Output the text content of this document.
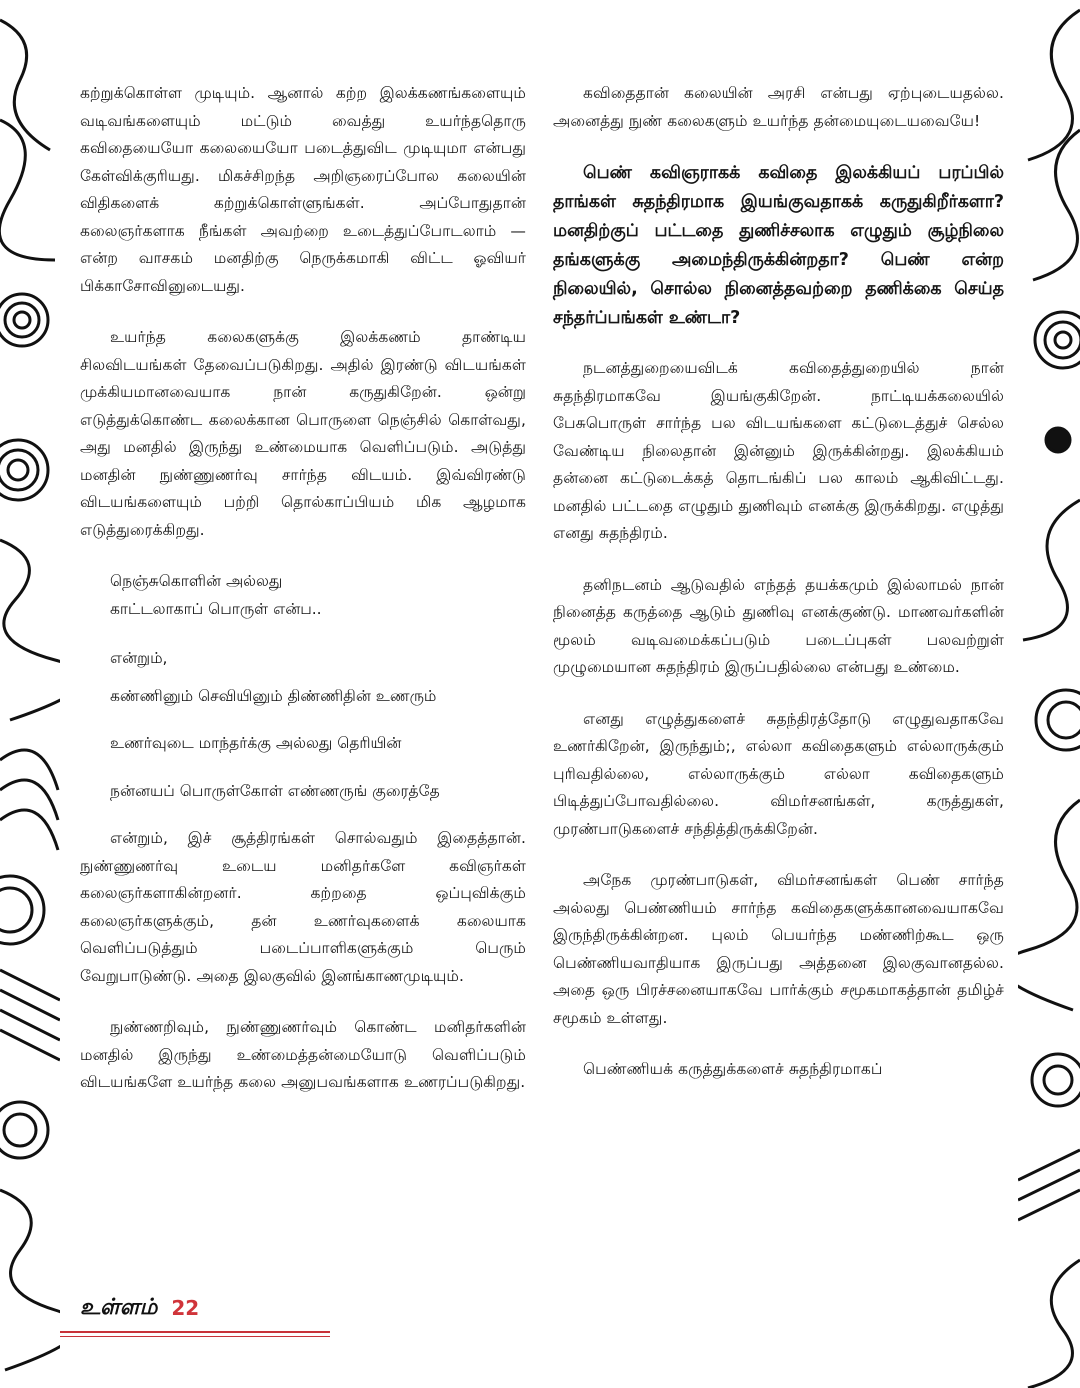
கற்றுக்கொள்ள முடியும். ஆனால் கற்ற இலக்கணங்களையும் வடிவங்களையும் மட்டும் வைத்து உயர்ந்ததொரு கவிதையையோ கலையையோ படைத்துவிட முடியுமா என்பது கேள்விக்குரியது. மிகச்சிறந்த அறிஞரைப்போல கலையின் விதிகளைக் கற்றுக்கொள்ளுங்கள். அப்போதுதான் கலைஞர்களாக நீங்கள் அவற்றை உடைத்துப்போடலாம் — என்ற வாசகம் மனதிற்கு நெருக்கமாகி விட்ட ஓவியர் பிக்காசோவினுடையது.

உயர்ந்த கலைகளுக்கு இலக்கணம் தாண்டிய சிலவிடயங்கள் தேவைப்படுகிறது. அதில் இரண்டு விடயங்கள் முக்கியமானவையாக நான் கருதுகிறேன். ஒன்று எடுத்துக்கொண்ட கலைக்கான பொருளை நெஞ்சில் கொள்வது, அது மனதில் இருந்து உண்மையாக வெளிப்படும். அடுத்து மனதின் நுண்ணுணர்வு சார்ந்த விடயம். இவ்விரண்டு விடயங்களையும் பற்றி தொல்காப்பியம் மிக ஆழமாக எடுத்துரைக்கிறது.

நெஞ்சுகொளின் அல்லது
காட்டலாகாப் பொருள் என்ப..
என்றும்,

கண்ணினும் செவியினும் திண்ணிதின் உணரும்

உணர்வுடை மாந்தர்க்கு அல்லது தெரியின்

நன்னயப் பொருள்கோள் எண்ணருங் குரைத்தே

என்றும், இச் சூத்திரங்கள் சொல்வதும் இதைத்தான். நுண்ணுணர்வு உடைய மனிதர்களே கவிஞர்கள் கலைஞர்களாகின்றனர். கற்றதை ஒப்புவிக்கும் கலைஞர்களுக்கும், தன் உணர்வுகளைக் கலையாக வெளிப்படுத்தும் படைப்பாளிகளுக்கும் பெரும் வேறுபாடுண்டு. அதை இலகுவில் இனங்காணமுடியும்.

நுண்ணறிவும், நுண்ணுணர்வும் கொண்ட மனிதர்களின் மனதில் இருந்து உண்மைத்தன்மையோடு வெளிப்படும் விடயங்களே உயர்ந்த கலை அனுபவங்களாக உணரப்படுகிறது.

கவிதைதான் கலையின் அரசி என்பது ஏற்புடையதல்ல. அனைத்து நுண் கலைகளும் உயர்ந்த தன்மையுடையவையே!

பெண் கவிஞராகக் கவிதை இலக்கியப் பரப்பில் தாங்கள் சுதந்திரமாக இயங்குவதாகக் கருதுகிறீர்களா? மனதிற்குப் பட்டதை துணிச்சலாக எழுதும் சூழ்நிலை தங்களுக்கு அமைந்திருக்கின்றதா? பெண் என்ற நிலையில், சொல்ல நினைத்தவற்றை தணிக்கை செய்த சந்தர்ப்பங்கள் உண்டா?

நடனத்துறையைவிடக் கவிதைத்துறையில் நான் சுதந்திரமாகவே இயங்குகிறேன். நாட்டியக்கலையில் பேசுபொருள் சார்ந்த பல விடயங்களை கட்டுடைத்துச் செல்ல வேண்டிய நிலைதான் இன்னும் இருக்கின்றது. இலக்கியம் தன்னை கட்டுடைக்கத் தொடங்கிப் பல காலம் ஆகிவிட்டது. மனதில் பட்டதை எழுதும் துணிவும் எனக்கு இருக்கிறது. எழுத்து எனது சுதந்திரம்.

தனிநடனம் ஆடுவதில் எந்தத் தயக்கமும் இல்லாமல் நான் நினைத்த கருத்தை ஆடும் துணிவு எனக்குண்டு. மாணவர்களின் மூலம் வடிவமைக்கப்படும் படைப்புகள் பலவற்றுள் முழுமையான சுதந்திரம் இருப்பதில்லை என்பது உண்மை.

எனது எழுத்துகளைச் சுதந்திரத்தோடு எழுதுவதாகவே உணர்கிறேன், இருந்தும்;, எல்லா கவிதைகளும் எல்லாருக்கும் புரிவதில்லை, எல்லாருக்கும் எல்லா கவிதைகளும் பிடித்துப்போவதில்லை. விமர்சனங்கள், கருத்துகள், முரண்பாடுகளைச் சந்தித்திருக்கிறேன்.

அநேக முரண்பாடுகள், விமர்சனங்கள் பெண் சார்ந்த அல்லது பெண்ணியம் சார்ந்த கவிதைகளுக்கானவையாகவே இருந்திருக்கின்றன. புலம் பெயர்ந்த மண்ணிற்கூட ஒரு பெண்ணியவாதியாக இருப்பது அத்தனை இலகுவானதல்ல. அதை ஒரு பிரச்சனையாகவே பார்க்கும் சமூகமாகத்தான் தமிழ்ச் சமூகம் உள்ளது.

பெண்ணியக் கருத்துக்களைச் சுதந்திரமாகப்

உள்ளம் 22
